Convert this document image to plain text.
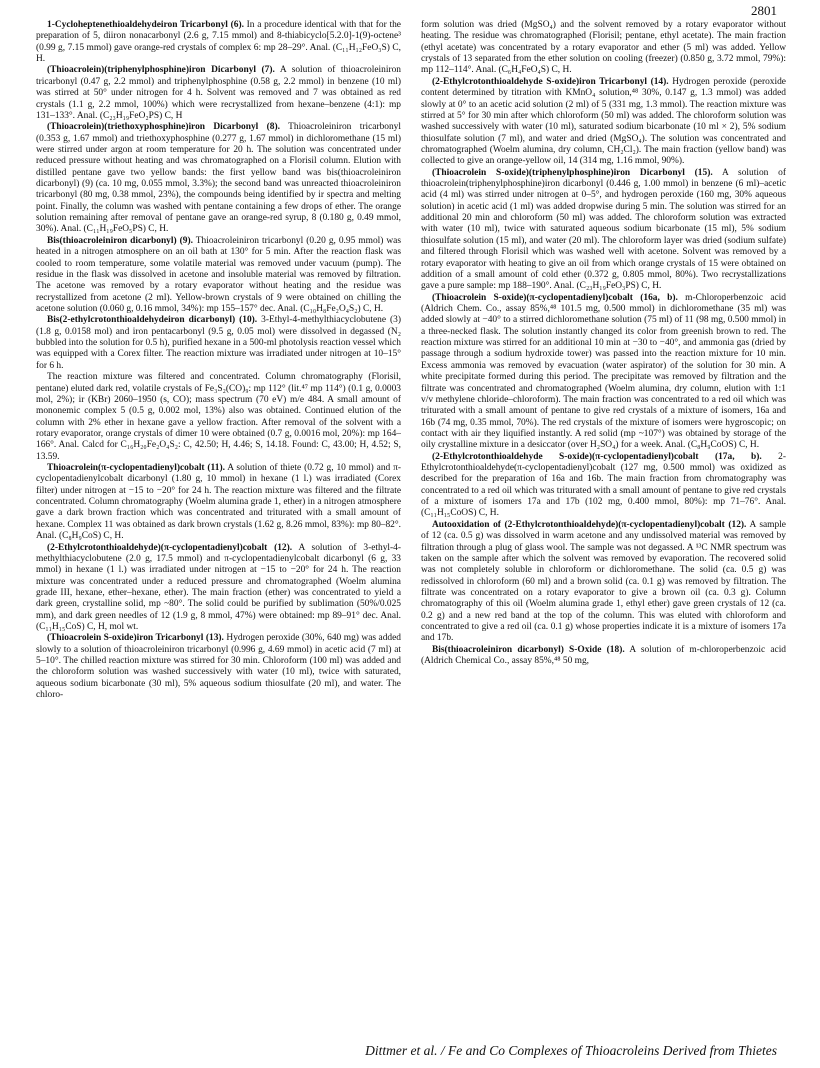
2801

1-Cycloheptenethioaldehydeiron Tricarbonyl (6). In a procedure identical with that for the preparation of 5, diiron nonacarbonyl (2.6 g, 7.15 mmol) and 8-thiabicyclo[5.2.0]-1(9)-octene³ (0.99 g, 7.15 mmol) gave orange-red crystals of complex 6: mp 28–29°. Anal. (C₁₁H₁₂FeO₃S) C, H.

(Thioacrolein)(triphenylphosphine)iron Dicarbonyl (7). A solution of thioacroleiniron tricarbonyl (0.47 g, 2.2 mmol) and triphenylphosphine (0.58 g, 2.2 mmol) in benzene (10 ml) was stirred at 50° under nitrogen for 4 h. Solvent was removed and 7 was obtained as red crystals (1.1 g, 2.2 mmol, 100%) which were recrystallized from hexane–benzene (4:1): mp 131–133°. Anal. (C₂₃H₁₉FeO₂PS) C, H

(Thioacrolein)(triethoxyphosphine)iron Dicarbonyl (8). Thioacroleiniron tricarbonyl (0.353 g, 1.67 mmol) and triethoxyphosphine (0.277 g, 1.67 mmol) in dichloromethane (15 ml) were stirred under argon at room temperature for 20 h. The solution was concentrated under reduced pressure without heating and was chromatographed on a Florisil column. Elution with distilled pentane gave two yellow bands: the first yellow band was bis(thioacroleiniron dicarbonyl) (9) (ca. 10 mg, 0.055 mmol, 3.3%); the second band was unreacted thioacroleiniron tricarbonyl (80 mg, 0.38 mmol, 23%), the compounds being identified by ir spectra and melting point. Finally, the column was washed with pentane containing a few drops of ether. The orange solution remaining after removal of pentane gave an orange-red syrup, 8 (0.180 g, 0.49 mmol, 30%). Anal. (C₁₁H₁₉FeO₅PS) C, H.

Bis(thioacroleiniron dicarbonyl) (9). Thioacroleiniron tricarbonyl (0.20 g, 0.95 mmol) was heated in a nitrogen atmosphere on an oil bath at 130° for 5 min. After the reaction flask was cooled to room temperature, some volatile material was removed under vacuum (pump). The residue in the flask was dissolved in acetone and insoluble material was removed by filtration. The acetone was removed by a rotary evaporator without heating and the residue was recrystallized from acetone (2 ml). Yellow-brown crystals of 9 were obtained on chilling the acetone solution (0.060 g, 0.16 mmol, 34%): mp 155–157° dec. Anal. (C₁₀H₈Fe₂O₄S₂) C, H.

Bis(2-ethylcrotonthioaldehydeiron dicarbonyl) (10). 3-Ethyl-4-methylthiacyclobutene (3) (1.8 g, 0.0158 mol) and iron pentacarbonyl (9.5 g, 0.05 mol) were dissolved in degassed (N₂ bubbled into the solution for 0.5 h), purified hexane in a 500-ml photolysis reaction vessel which was equipped with a Corex filter. The reaction mixture was irradiated under nitrogen at 10–15° for 6 h.

The reaction mixture was filtered and concentrated. Column chromatography (Florisil, pentane) eluted dark red, volatile crystals of Fe₃S₂(CO)₉: mp 112° (lit.⁴⁷ mp 114°) (0.1 g, 0.0003 mol, 2%); ir (KBr) 2060–1950 (s, CO); mass spectrum (70 eV) m/e 484. A small amount of mononemic complex 5 (0.5 g, 0.002 mol, 13%) also was obtained. Continued elution of the column with 2% ether in hexane gave a yellow fraction. After removal of the solvent with a rotary evaporator, orange crystals of dimer 10 were obtained (0.7 g, 0.0016 mol, 20%): mp 164–166°. Anal. Calcd for C₁₆H₂₀Fe₂O₄S₂: C, 42.50; H, 4.46; S, 14.18. Found: C, 43.00; H, 4.52; S, 13.59.

Thioacrolein(π-cyclopentadienyl)cobalt (11). A solution of thiete (0.72 g, 10 mmol) and π-cyclopentadienylcobalt dicarbonyl (1.80 g, 10 mmol) in hexane (1 l.) was irradiated (Corex filter) under nitrogen at −15 to −20° for 24 h. The reaction mixture was filtered and the filtrate concentrated. Column chromatography (Woelm alumina grade 1, ether) in a nitrogen atmosphere gave a dark brown fraction which was concentrated and triturated with a small amount of hexane. Complex 11 was obtained as dark brown crystals (1.62 g, 8.26 mmol, 83%): mp 80–82°. Anal. (C₈H₉CoS) C, H.

(2-Ethylcrotonthioaldehyde)(π-cyclopentadienyl)cobalt (12). A solution of 3-ethyl-4-methylthiacyclobutene (2.0 g, 17.5 mmol) and π-cyclopentadienylcobalt dicarbonyl (6 g, 33 mmol) in hexane (1 l.) was irradiated under nitrogen at −15 to −20° for 24 h. The reaction mixture was concentrated under a reduced pressure and chromatographed (Woelm alumina grade III, hexane, ether–hexane, ether). The main fraction (ether) was concentrated to yield a dark green, crystalline solid, mp ~80°. The solid could be purified by sublimation (50%/0.025 mm), and dark green needles of 12 (1.9 g, 8 mmol, 47%) were obtained: mp 89–91° dec. Anal. (C₁₁H₁₅CoS) C, H, mol wt.

(Thioacrolein S-oxide)iron Tricarbonyl (13). Hydrogen peroxide (30%, 640 mg) was added slowly to a solution of thioacroleiniron tricarbonyl (0.996 g, 4.69 mmol) in acetic acid (7 ml) at 5–10°. The chilled reaction mixture was stirred for 30 min. Chloroform (100 ml) was added and the chloroform solution was washed successively with water (10 ml), twice with saturated, aqueous sodium bicarbonate (30 ml), 5% aqueous sodium thiosulfate (20 ml), and water. The chloro-

form solution was dried (MgSO₄) and the solvent removed by a rotary evaporator without heating. The residue was chromatographed (Florisil; pentane, ethyl acetate). The main fraction (ethyl acetate) was concentrated by a rotary evaporator and ether (5 ml) was added. Yellow crystals of 13 separated from the ether solution on cooling (freezer) (0.850 g, 3.72 mmol, 79%): mp 112–114°. Anal. (C₆H₄FeO₄S) C, H.

(2-Ethylcrotonthioaldehyde S-oxide)iron Tricarbonyl (14). Hydrogen peroxide (peroxide content determined by titration with KMnO₄ solution,⁴⁸ 30%, 0.147 g, 1.3 mmol) was added slowly at 0° to an acetic acid solution (2 ml) of 5 (331 mg, 1.3 mmol). The reaction mixture was stirred at 5° for 30 min after which chloroform (50 ml) was added. The chloroform solution was washed successively with water (10 ml), saturated sodium bicarbonate (10 ml × 2), 5% sodium thiosulfate solution (7 ml), and water and dried (MgSO₄). The solution was concentrated and chromatographed (Woelm alumina, dry column, CH₂Cl₂). The main fraction (yellow band) was collected to give an orange-yellow oil, 14 (314 mg, 1.16 mmol, 90%).

(Thioacrolein S-oxide)(triphenylphosphine)iron Dicarbonyl (15). A solution of thioacrolein(triphenylphosphine)iron dicarbonyl (0.446 g, 1.00 mmol) in benzene (6 ml)–acetic acid (4 ml) was stirred under nitrogen at 0–5°, and hydrogen peroxide (160 mg, 30% aqueous solution) in acetic acid (1 ml) was added dropwise during 5 min. The solution was stirred for an additional 20 min and chloroform (50 ml) was added. The chloroform solution was extracted with water (10 ml), twice with saturated aqueous sodium bicarbonate (15 ml), 5% sodium thiosulfate solution (15 ml), and water (20 ml). The chloroform layer was dried (sodium sulfate) and filtered through Florisil which was washed well with acetone. Solvent was removed by a rotary evaporator with heating to give an oil from which orange crystals of 15 were obtained on addition of a small amount of cold ether (0.372 g, 0.805 mmol, 80%). Two recrystallizations gave a pure sample: mp 188–190°. Anal. (C₂₃H₁₉FeO₃PS) C, H.

(Thioacrolein S-oxide)(π-cyclopentadienyl)cobalt (16a, b). m-Chloroperbenzoic acid (Aldrich Chem. Co., assay 85%,⁴⁸ 101.5 mg, 0.500 mmol) in dichloromethane (35 ml) was added slowly at −40° to a stirred dichloromethane solution (75 ml) of 11 (98 mg, 0.500 mmol) in a three-necked flask. The solution instantly changed its color from greenish brown to red. The reaction mixture was stirred for an additional 10 min at −30 to −40°, and ammonia gas (dried by passage through a sodium hydroxide tower) was passed into the reaction mixture for 10 min. Excess ammonia was removed by evacuation (water aspirator) of the solution for 30 min. A white precipitate formed during this period. The precipitate was removed by filtration and the filtrate was concentrated and chromatographed (Woelm alumina, dry column, elution with 1:1 v/v methylene chloride–chloroform). The main fraction was concentrated to a red oil which was triturated with a small amount of pentane to give red crystals of a mixture of isomers, 16a and 16b (74 mg, 0.35 mmol, 70%). The red crystals of the mixture of isomers were hygroscopic; on contact with air they liquified instantly. A red solid (mp ~107°) was obtained by storage of the oily crystalline mixture in a desiccator (over H₂SO₄) for a week. Anal. (C₈H₉CoOS) C, H.

(2-Ethylcrotonthioaldehyde S-oxide)(π-cyclopentadienyl)cobalt (17a, b). 2-Ethylcrotonthioaldehyde(π-cyclopentadienyl)cobalt (127 mg, 0.500 mmol) was oxidized as described for the preparation of 16a and 16b. The main fraction from chromatography was concentrated to a red oil which was triturated with a small amount of pentane to give red crystals of a mixture of isomers 17a and 17b (102 mg, 0.400 mmol, 80%): mp 71–76°. Anal. (C₁₁H₁₅CoOS) C, H.

Autooxidation of (2-Ethylcrotonthioaldehyde)(π-cyclopentadienyl)cobalt (12). A sample of 12 (ca. 0.5 g) was dissolved in warm acetone and any undissolved material was removed by filtration through a plug of glass wool. The sample was not degassed. A ¹³C NMR spectrum was taken on the sample after which the solvent was removed by evaporation. The recovered solid was not completely soluble in chloroform or dichloromethane. The solid (ca. 0.5 g) was redissolved in chloroform (60 ml) and a brown solid (ca. 0.1 g) was removed by filtration. The filtrate was concentrated on a rotary evaporator to give a brown oil (ca. 0.3 g). Column chromatography of this oil (Woelm alumina grade 1, ethyl ether) gave green crystals of 12 (ca. 0.2 g) and a new red band at the top of the column. This was eluted with chloroform and concentrated to give a red oil (ca. 0.1 g) whose properties indicate it is a mixture of isomers 17a and 17b.

Bis(thioacroleiniron dicarbonyl) S-Oxide (18). A solution of m-chloroperbenzoic acid (Aldrich Chemical Co., assay 85%,⁴⁸ 50 mg,

Dittmer et al. / Fe and Co Complexes of Thioacroleins Derived from Thietes
